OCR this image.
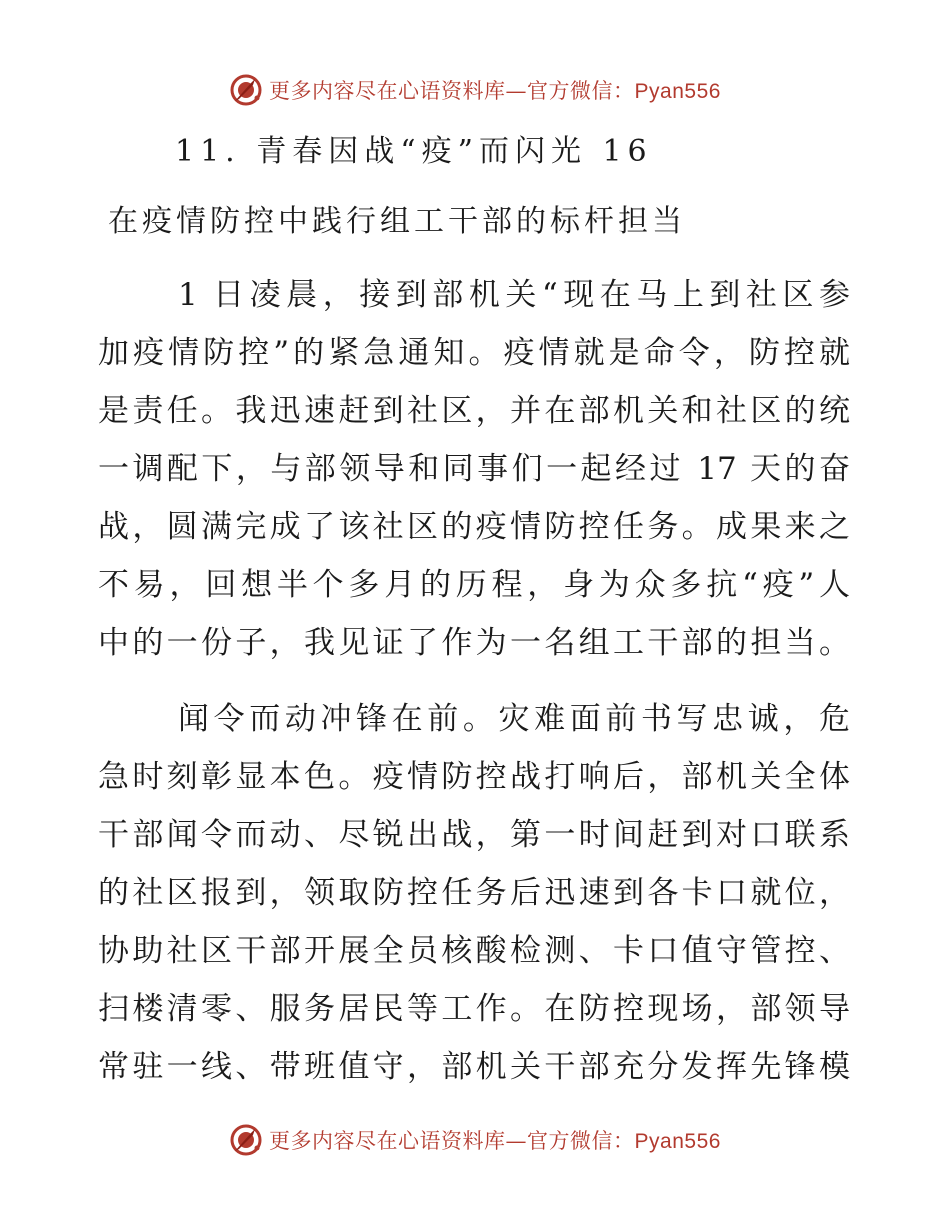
更多内容尽在心语资料库—官方微信：Pyan556
11. 青春因战“疫”而闪光 16
在疫情防控中践行组工干部的标杆担当
1 日凌晨，接到部机关“现在马上到社区参
加疫情防控”的紧急通知。疫情就是命令，防控就
是责任。我迅速赶到社区，并在部机关和社区的统
一调配下，与部领导和同事们一起经过 17 天的奋
战，圆满完成了该社区的疫情防控任务。成果来之
不易，回想半个多月的历程，身为众多抗“疫”人
中的一份子，我见证了作为一名组工干部的担当。
闻令而动冲锋在前。灾难面前书写忠诚，危
急时刻彰显本色。疫情防控战打响后，部机关全体
干部闻令而动、尽锐出战，第一时间赶到对口联系
的社区报到，领取防控任务后迅速到各卡口就位，
协助社区干部开展全员核酸检测、卡口值守管控、
扫楼清零、服务居民等工作。在防控现场，部领导
常驻一线、带班值守，部机关干部充分发挥先锋模
更多内容尽在心语资料库—官方微信：Pyan556
